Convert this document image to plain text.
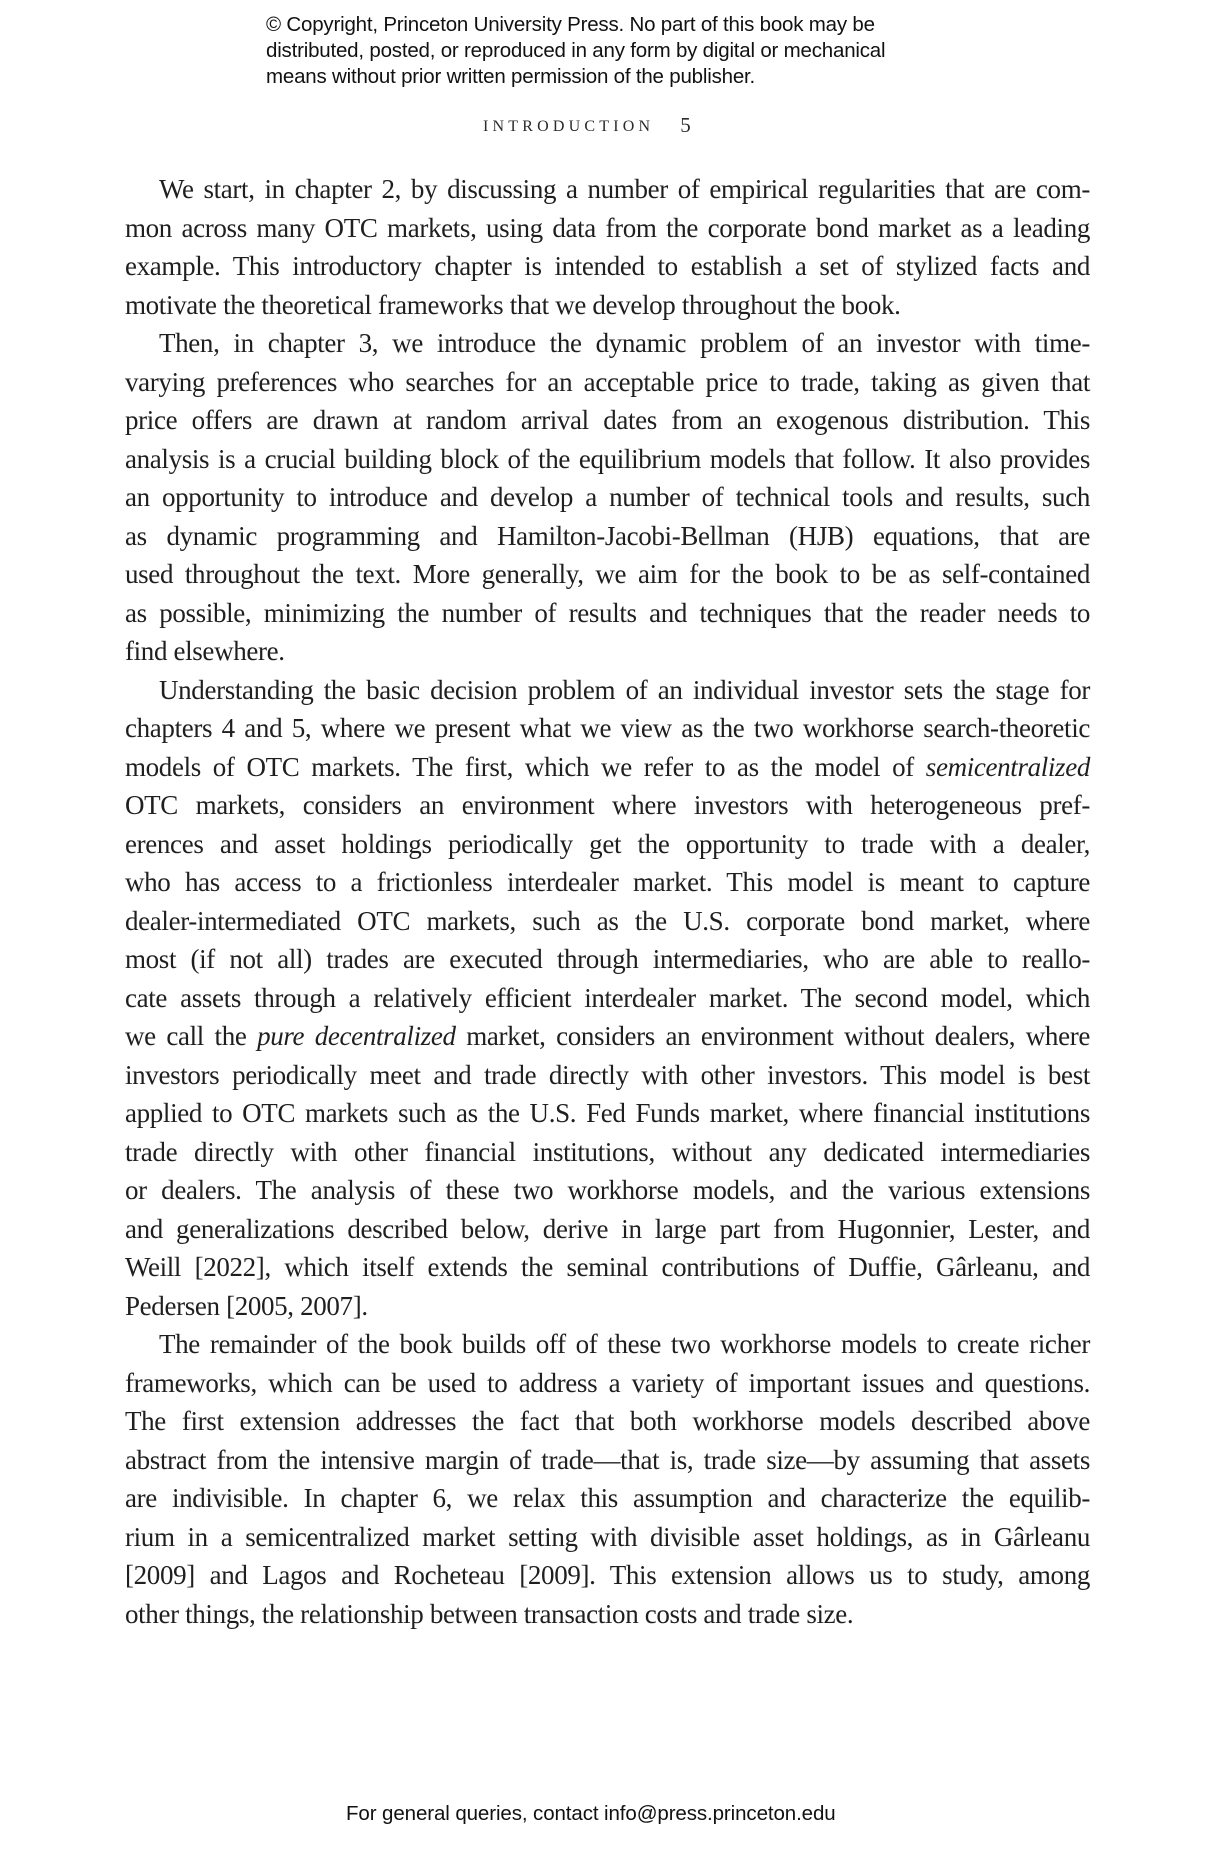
© Copyright, Princeton University Press. No part of this book may be
distributed, posted, or reproduced in any form by digital or mechanical
means without prior written permission of the publisher.
INTRODUCTION 5
We start, in chapter 2, by discussing a number of empirical regularities that are com-
mon across many OTC markets, using data from the corporate bond market as a leading
example. This introductory chapter is intended to establish a set of stylized facts and
motivate the theoretical frameworks that we develop throughout the book.
Then, in chapter 3, we introduce the dynamic problem of an investor with time-
varying preferences who searches for an acceptable price to trade, taking as given that
price offers are drawn at random arrival dates from an exogenous distribution. This
analysis is a crucial building block of the equilibrium models that follow. It also provides
an opportunity to introduce and develop a number of technical tools and results, such
as dynamic programming and Hamilton-Jacobi-Bellman (HJB) equations, that are
used throughout the text. More generally, we aim for the book to be as self-contained
as possible, minimizing the number of results and techniques that the reader needs to
find elsewhere.
Understanding the basic decision problem of an individual investor sets the stage for
chapters 4 and 5, where we present what we view as the two workhorse search-theoretic
models of OTC markets. The first, which we refer to as the model of semicentralized
OTC markets, considers an environment where investors with heterogeneous pref-
erences and asset holdings periodically get the opportunity to trade with a dealer,
who has access to a frictionless interdealer market. This model is meant to capture
dealer-intermediated OTC markets, such as the U.S. corporate bond market, where
most (if not all) trades are executed through intermediaries, who are able to reallo-
cate assets through a relatively efficient interdealer market. The second model, which
we call the pure decentralized market, considers an environment without dealers, where
investors periodically meet and trade directly with other investors. This model is best
applied to OTC markets such as the U.S. Fed Funds market, where financial institutions
trade directly with other financial institutions, without any dedicated intermediaries
or dealers. The analysis of these two workhorse models, and the various extensions
and generalizations described below, derive in large part from Hugonnier, Lester, and
Weill [2022], which itself extends the seminal contributions of Duffie, Gârleanu, and
Pedersen [2005, 2007].
The remainder of the book builds off of these two workhorse models to create richer
frameworks, which can be used to address a variety of important issues and questions.
The first extension addresses the fact that both workhorse models described above
abstract from the intensive margin of trade—that is, trade size—by assuming that assets
are indivisible. In chapter 6, we relax this assumption and characterize the equilib-
rium in a semicentralized market setting with divisible asset holdings, as in Gârleanu
[2009] and Lagos and Rocheteau [2009]. This extension allows us to study, among
other things, the relationship between transaction costs and trade size.
For general queries, contact info@press.princeton.edu
